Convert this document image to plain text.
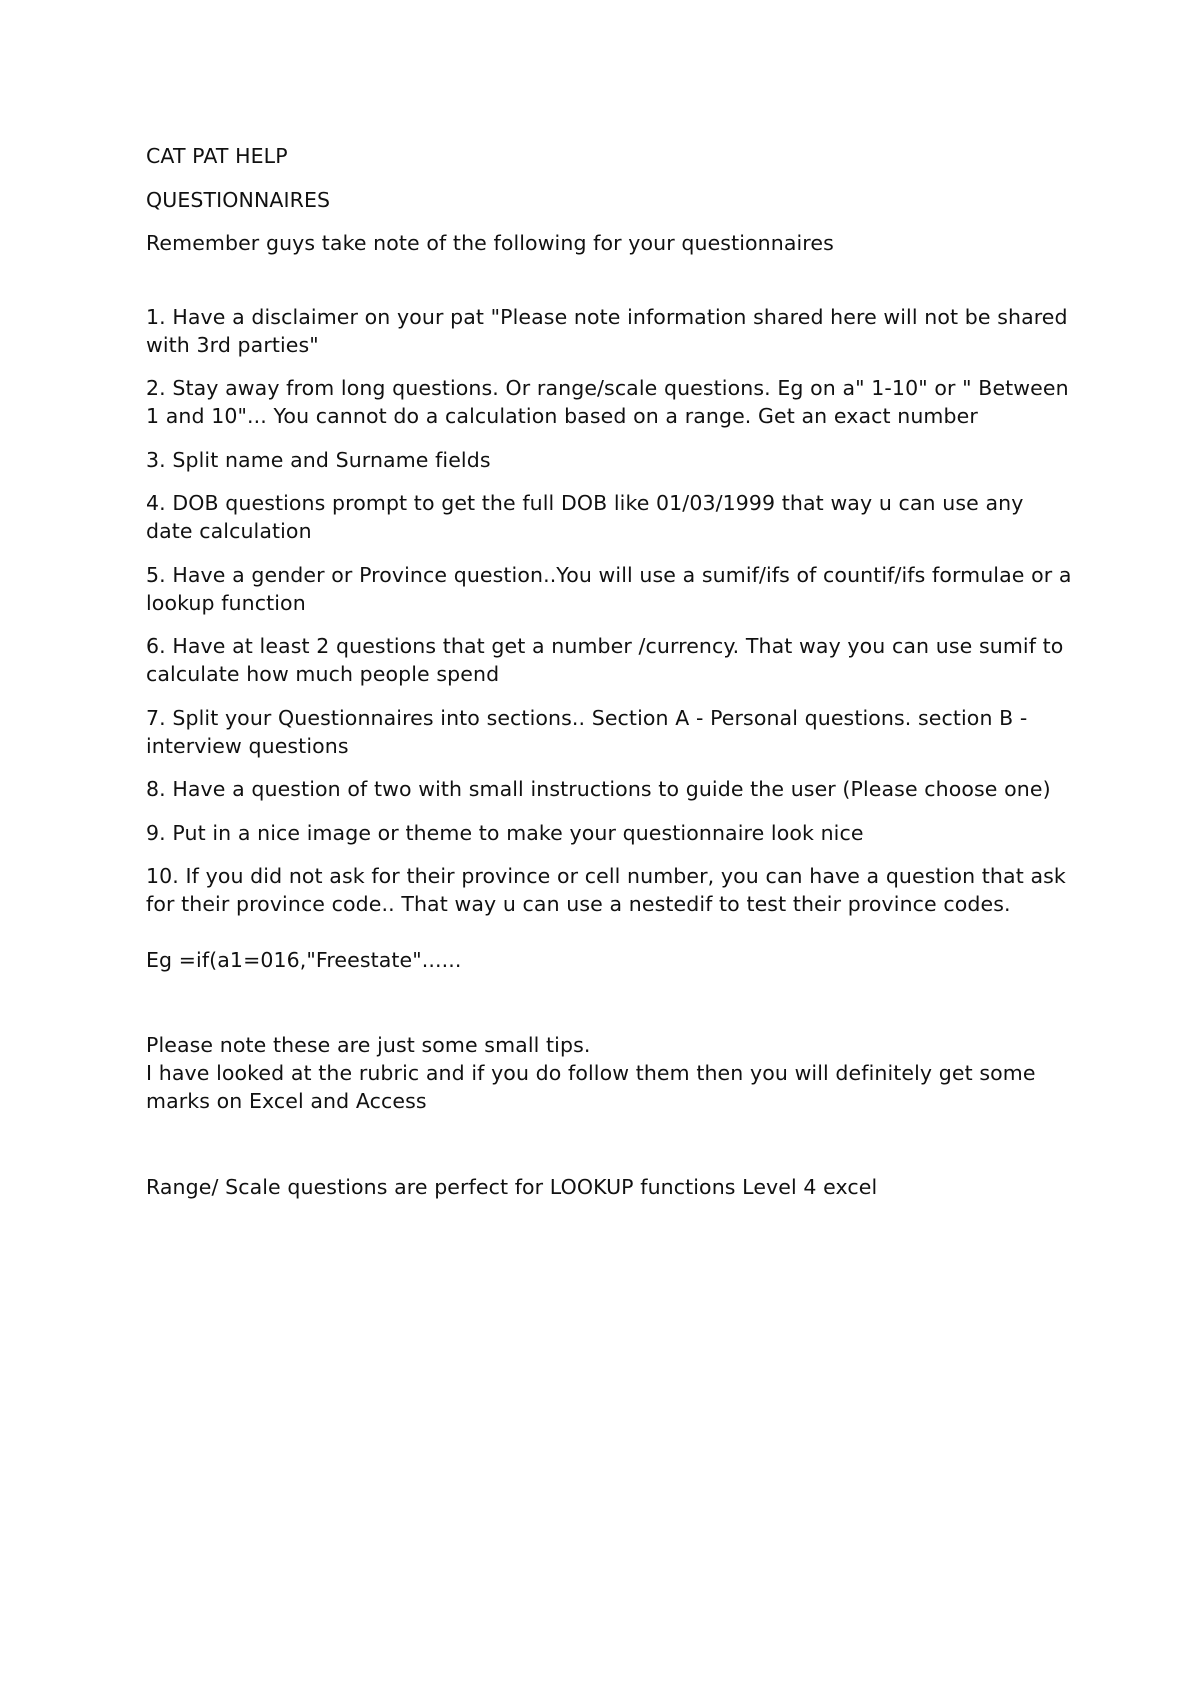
CAT PAT HELP

QUESTIONNAIRES

Remember guys take note of the following for your questionnaires

1. Have a disclaimer on your pat "Please note information shared here will not be shared with 3rd parties"

2. Stay away from long questions. Or range/scale questions. Eg on a" 1-10" or " Between 1 and 10"... You cannot do a calculation based on a range. Get an exact number

3. Split name and Surname fields

4. DOB questions prompt to get the full DOB like 01/03/1999 that way u can use any date calculation

5. Have a gender or Province question..You will use a sumif/ifs of countif/ifs formulae or a lookup function

6. Have at least 2 questions that get a number /currency. That way you can use sumif to calculate how much people spend

7. Split your Questionnaires into sections.. Section A - Personal questions. section B - interview questions

8. Have a question of two with small instructions to guide the user (Please choose one)

9. Put in a nice image or theme to make your questionnaire look nice

10. If you did not ask for their province or cell number, you can have a question that ask for their province code.. That way u can use a nestedif to test their province codes.

Eg =if(a1=016,"Freestate"......

Please note these are just some small tips.

I have looked at the rubric and if you do follow them then you will definitely get some marks on Excel and Access

Range/ Scale questions are perfect for LOOKUP functions Level 4 excel
